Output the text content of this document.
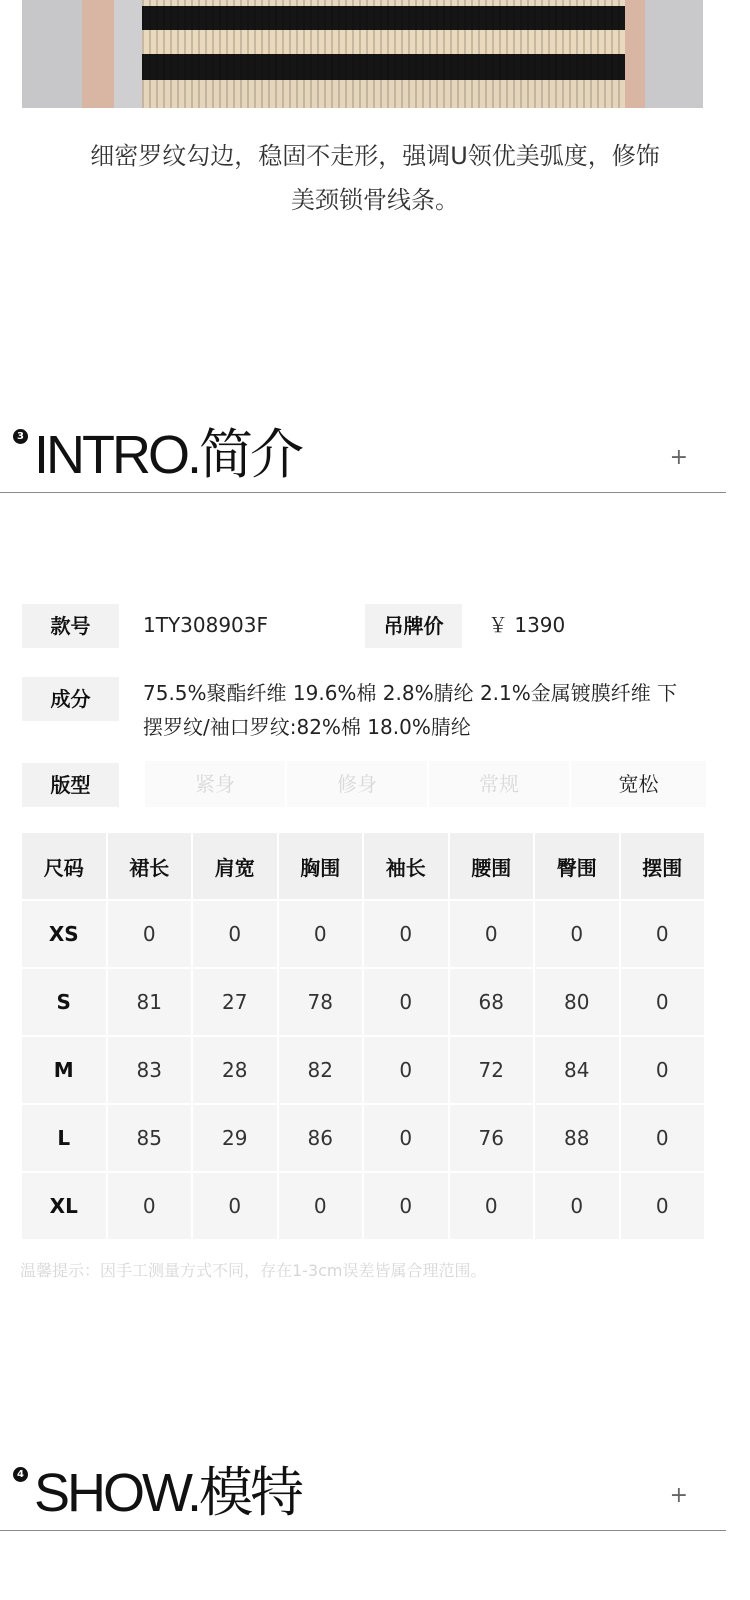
细密罗纹勾边，稳固不走形，强调U领优美弧度，修饰
美颈锁骨线条。
3 INTRO.简介	+
款号	1TY308903F	吊牌价	￥ 1390
成分	75.5%聚酯纤维 19.6%棉 2.8%腈纶 2.1%金属镀膜纤维 下
摆罗纹/袖口罗纹:82%棉 18.0%腈纶
版型	紧身	修身	常规	宽松
尺码	裙长	肩宽	胸围	袖长	腰围	臀围	摆围
XS	0	0	0	0	0	0	0
S	81	27	78	0	68	80	0
M	83	28	82	0	72	84	0
L	85	29	86	0	76	88	0
XL	0	0	0	0	0	0	0
温馨提示：因手工测量方式不同，存在1-3cm误差皆属合理范围。
4 SHOW.模特	+
